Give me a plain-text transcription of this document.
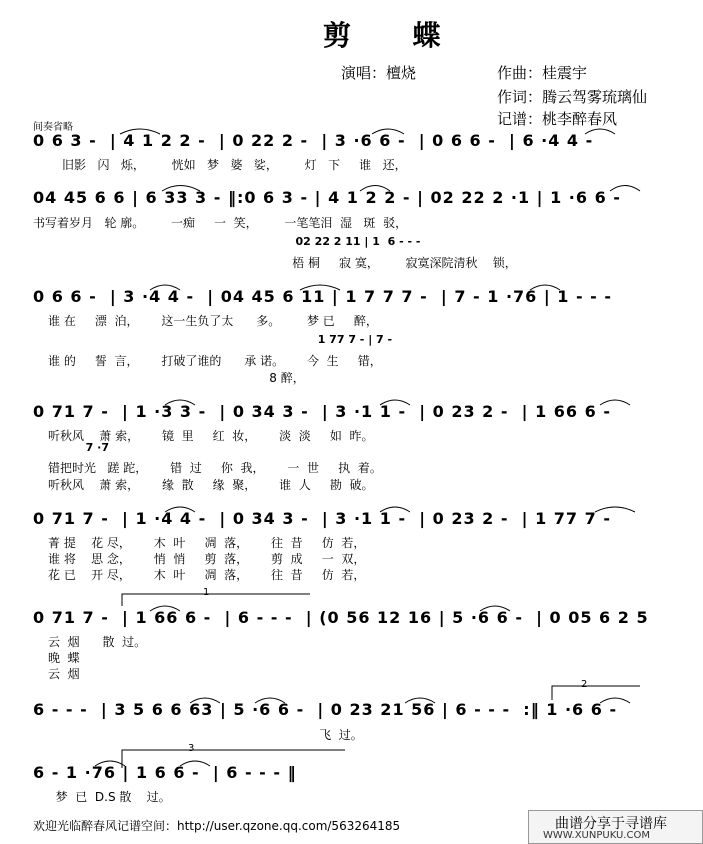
剪  蝶
演唱：檀烧	作曲：桂震宇
作词：腾云驾雾琉璃仙
记谱：桃李醉春风
间奏省略
0 6 3 -  | 4 1 2 2 -  | 0 22 2 -  | 3 ·6 6 -  | 0 6 6 -  | 6 ·4 4 -
旧影   闪   烁，       恍如   梦   婆   娑，       灯   下     谁   还，
04 45 6 6 | 6 33 3 - ‖:0 6 3 - | 4 1 2 2 - | 02 22 2 ·1 | 1 ·6 6 -
书写着岁月   轮 廓。       一痴     一  笑，       一笔笔泪  湿   斑  驳，
02 22 2 11 | 1  6 - - -
梧 桐     寂 寞，       寂寞深院清秋    锁，
0 6 6 -  | 3 ·4 4 -  | 04 45 6 11 | 1 7 7 7 -  | 7 - 1 ·76 | 1 - - -
谁 在     漂  泊，      这一生负了太      多。       梦 已     醉，
1 77 7 - | 7 -
谁 的     誓  言，      打破了谁的      承 诺。      今  生     错，
8 醉，
0 71 7 -  | 1 ·3 3 -  | 0 34 3 -  | 3 ·1 1 -  | 0 23 2 -  | 1 66 6 -
听秋风    萧 索，      镜  里     红  妆，      淡  淡     如  昨。
7 ·7
错把时光   蹉 跎，      错  过     你  我，      一  世     执  着。
听秋风    萧 索，      缘  散     缘  聚，      谁  人     勘  破。
0 71 7 -  | 1 ·4 4 -  | 0 34 3 -  | 3 ·1 1 -  | 0 23 2 -  | 1 77 7 -
菁 提    花 尽，      木  叶     凋  落，      往  昔     仿  若，
谁 将    思 念，      悄  悄     剪  落，      剪  成     一  双，
花 已    开 尽，      木  叶     凋  落，      往  昔     仿  若，
0 71 7 -  | 1 66 6 -  | 6 - - -  | (0 56 12 16 | 5 ·6 6 -  | 0 05 6 2 5
云  烟      散  过。
晚  蝶
云  烟
6 - - -  | 3 5 6 6 63 | 5 ·6 6 -  | 0 23 21 56 | 6 - - -  :‖ 1 ·6 6 -
飞  过。
6 - 1 ·76 | 1 6 6 -  | 6 - - - ‖
梦  已  D.S 散    过。
1
2
3
欢迎光临醉春风记谱空间：http://user.qzone.qq.com/563264185	曲谱分享于寻谱库
WWW.XUNPUKU.COM
